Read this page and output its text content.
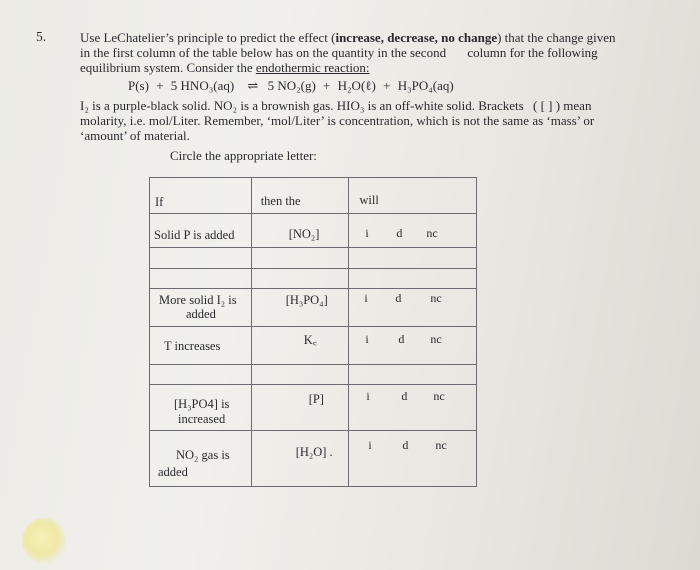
5.	Use LeChatelier’s principle to predict the effect (increase, decrease, no change) that the change given
in the first column of the table below has on the quantity in the second column for the following
equilibrium system. Consider the endothermic reaction:
P(s) + 5 HNO₃(aq) ⇌ 5 NO₂(g) + H₂O(ℓ) + H₃PO₄(aq)
I₂ is a purple-black solid. NO₂ is a brownish gas. HIO₃ is an off-white solid. Brackets ( [ ] ) mean
molarity, i.e. mol/Liter. Remember, ‘mol/Liter’ is concentration, which is not the same as ‘mass’ or
‘amount’ of material.
Circle the appropriate letter:
If	then the	will

Solid P is added	[NO₂]	i d nc

More solid I₂ is
added	[H₃PO₄]	i d nc

T increases	K꜀	i d nc

[H₃PO4] is
increased	[P]	i d nc

NO₂ gas is
added	[H₂O] .	i d nc
